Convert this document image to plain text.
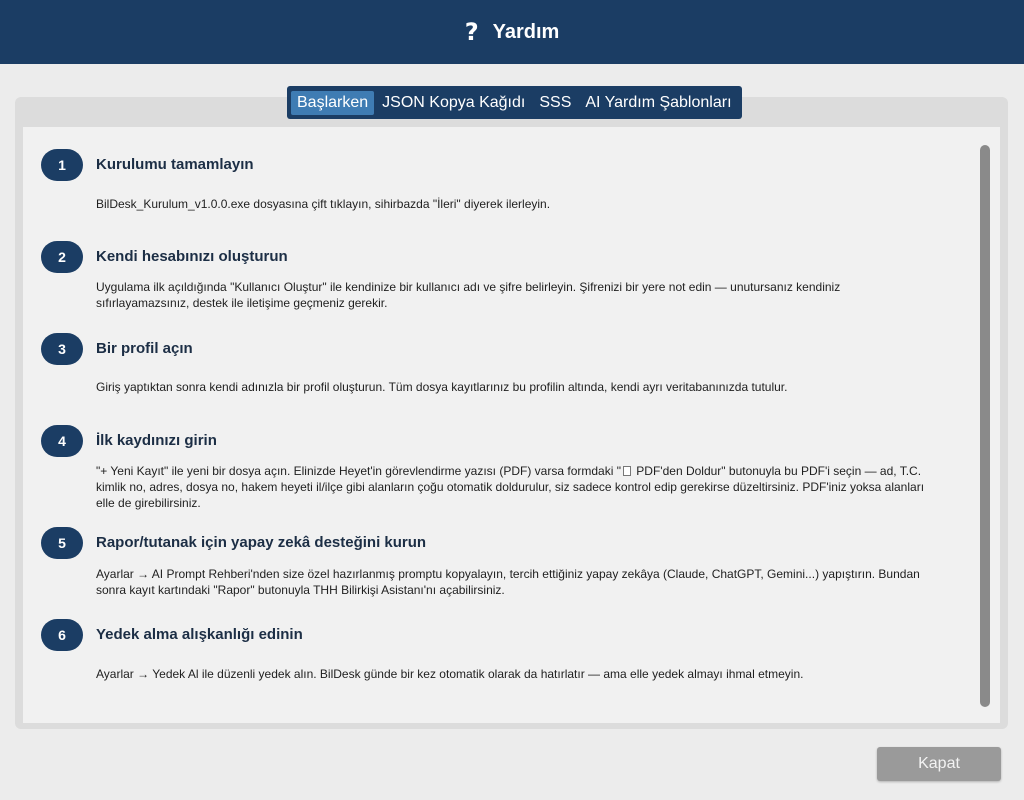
? Yardım
Başlarken JSON Kopya Kağıdı SSS AI Yardım Şablonları
1	Kurulumu tamamlayın
BilDesk_Kurulum_v1.0.0.exe dosyasına çift tıklayın, sihirbazda "İleri" diyerek ilerleyin.
2	Kendi hesabınızı oluşturun
Uygulama ilk açıldığında "Kullanıcı Oluştur" ile kendinize bir kullanıcı adı ve şifre belirleyin. Şifrenizi bir yere not edin — unutursanız kendiniz sıfırlayamazsınız, destek ile iletişime geçmeniz gerekir.
3	Bir profil açın
Giriş yaptıktan sonra kendi adınızla bir profil oluşturun. Tüm dosya kayıtlarınız bu profilin altında, kendi ayrı veritabanınızda tutulur.
4	İlk kaydınızı girin
"+ Yeni Kayıt" ile yeni bir dosya açın. Elinizde Heyet'in görevlendirme yazısı (PDF) varsa formdaki " PDF'den Doldur" butonuyla bu PDF'i seçin — ad, T.C. kimlik no, adres, dosya no, hakem heyeti il/ilçe gibi alanların çoğu otomatik doldurulur, siz sadece kontrol edip gerekirse düzeltirsiniz. PDF'iniz yoksa alanları elle de girebilirsiniz.
5	Rapor/tutanak için yapay zekâ desteğini kurun
Ayarlar → AI Prompt Rehberi'nden size özel hazırlanmış promptu kopyalayın, tercih ettiğiniz yapay zekâya (Claude, ChatGPT, Gemini...) yapıştırın. Bundan sonra kayıt kartındaki "Rapor" butonuyla THH Bilirkişi Asistanı'nı açabilirsiniz.
6	Yedek alma alışkanlığı edinin
Ayarlar → Yedek Al ile düzenli yedek alın. BilDesk günde bir kez otomatik olarak da hatırlatır — ama elle yedek almayı ihmal etmeyin.
Kapat
